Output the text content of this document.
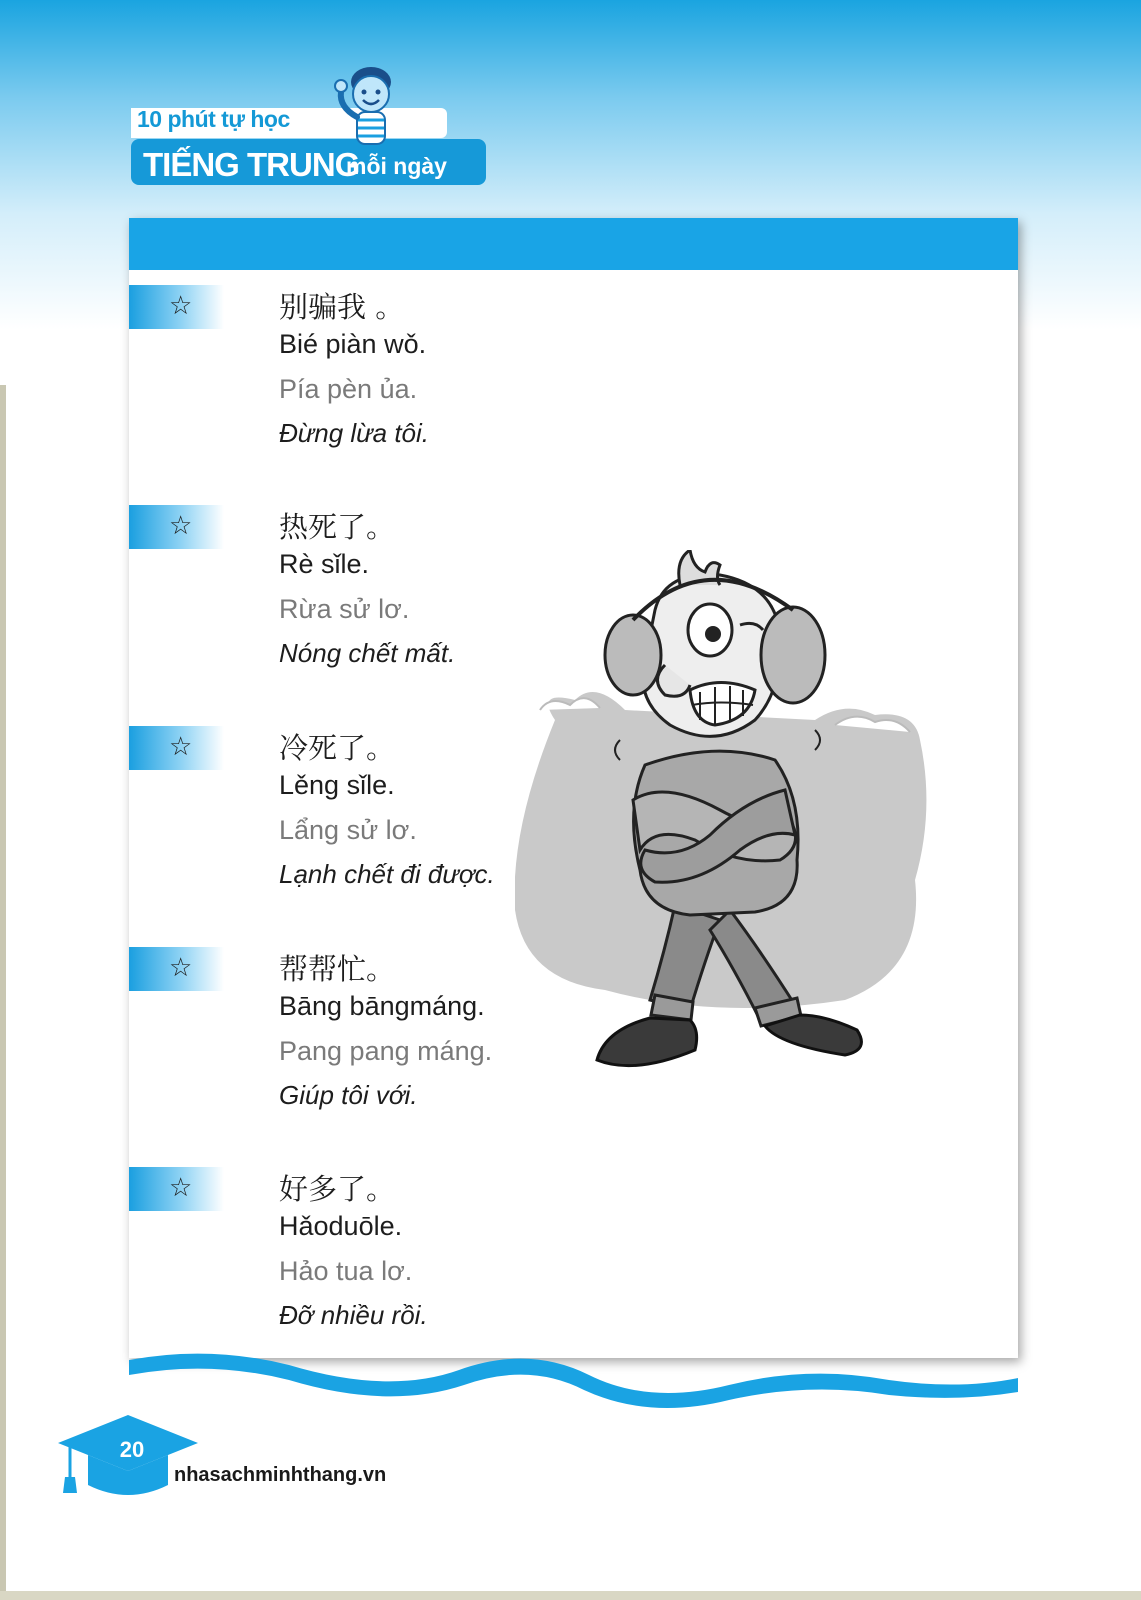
10 phút tự học
TIẾNG TRUNG
mỗi ngày
☆	别骗我 。
Bié piàn wǒ.
Pía pèn ủa.
Đừng lừa tôi.
☆	热死了。
Rè sǐle.
Rừa sử lơ.
Nóng chết mất.
☆	冷死了。
Lěng sǐle.
Lẩng sử lơ.
Lạnh chết đi được.
☆	帮帮忙。
Bāng bāngmáng.
Pang pang máng.
Giúp tôi với.
☆	好多了。
Hǎoduōle.
Hảo tua lơ.
Đỡ nhiều rồi.
20
nhasachminhthang.vn
